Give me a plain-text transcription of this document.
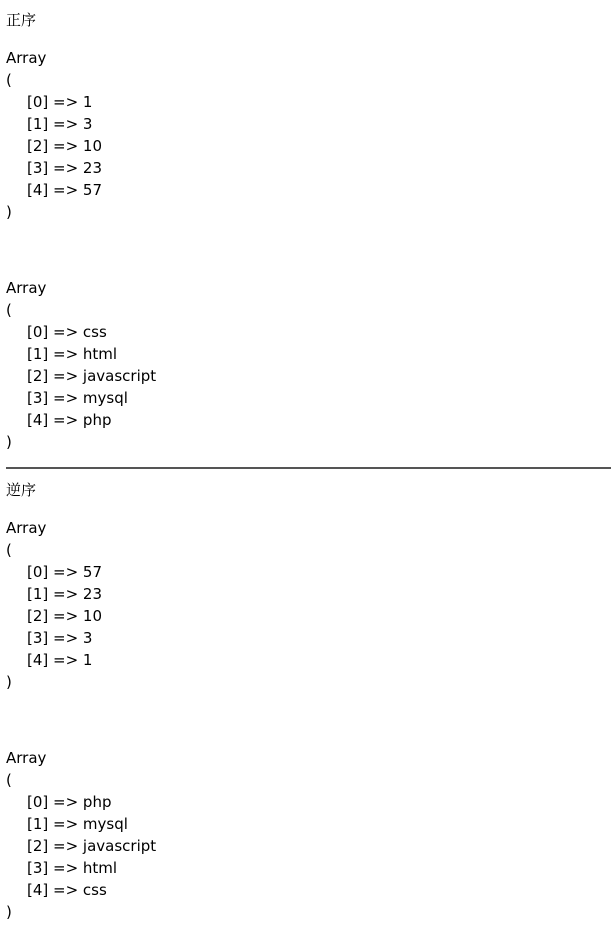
正序
Array
(
[0] => 1
[1] => 3
[2] => 10
[3] => 23
[4] => 57
)
Array
(
[0] => css
[1] => html
[2] => javascript
[3] => mysql
[4] => php
)
逆序
Array
(
[0] => 57
[1] => 23
[2] => 10
[3] => 3
[4] => 1
)
Array
(
[0] => php
[1] => mysql
[2] => javascript
[3] => html
[4] => css
)
